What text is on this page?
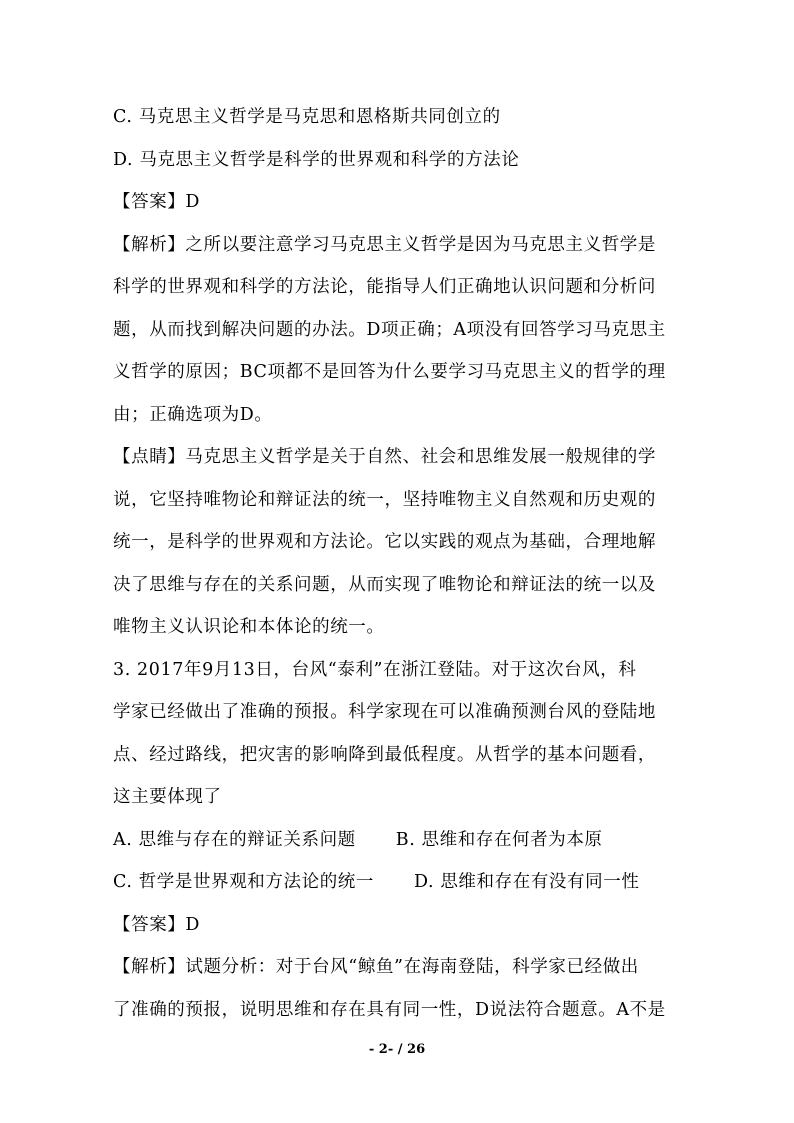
C. 马克思主义哲学是马克思和恩格斯共同创立的
D. 马克思主义哲学是科学的世界观和科学的方法论
【答案】D
【解析】之所以要注意学习马克思主义哲学是因为马克思主义哲学是
科学的世界观和科学的方法论，能指导人们正确地认识问题和分析问
题，从而找到解决问题的办法。D项正确；A项没有回答学习马克思主
义哲学的原因；BC项都不是回答为什么要学习马克思主义的哲学的理
由；正确选项为D。
【点睛】马克思主义哲学是关于自然、社会和思维发展一般规律的学
说，它坚持唯物论和辩证法的统一，坚持唯物主义自然观和历史观的
统一，是科学的世界观和方法论。它以实践的观点为基础，合理地解
决了思维与存在的关系问题，从而实现了唯物论和辩证法的统一以及
唯物主义认识论和本体论的统一。
3. 2017年9月13日，台风“泰利”在浙江登陆。对于这次台风，科
学家已经做出了准确的预报。科学家现在可以准确预测台风的登陆地
点、经过路线，把灾害的影响降到最低程度。从哲学的基本问题看，
这主要体现了
A. 思维与存在的辩证关系问题 B. 思维和存在何者为本原
C. 哲学是世界观和方法论的统一 D. 思维和存在有没有同一性
【答案】D
【解析】试题分析：对于台风“鲸鱼”在海南登陆，科学家已经做出
了准确的预报，说明思维和存在具有同一性，D说法符合题意。A不是
- 2- / 26
